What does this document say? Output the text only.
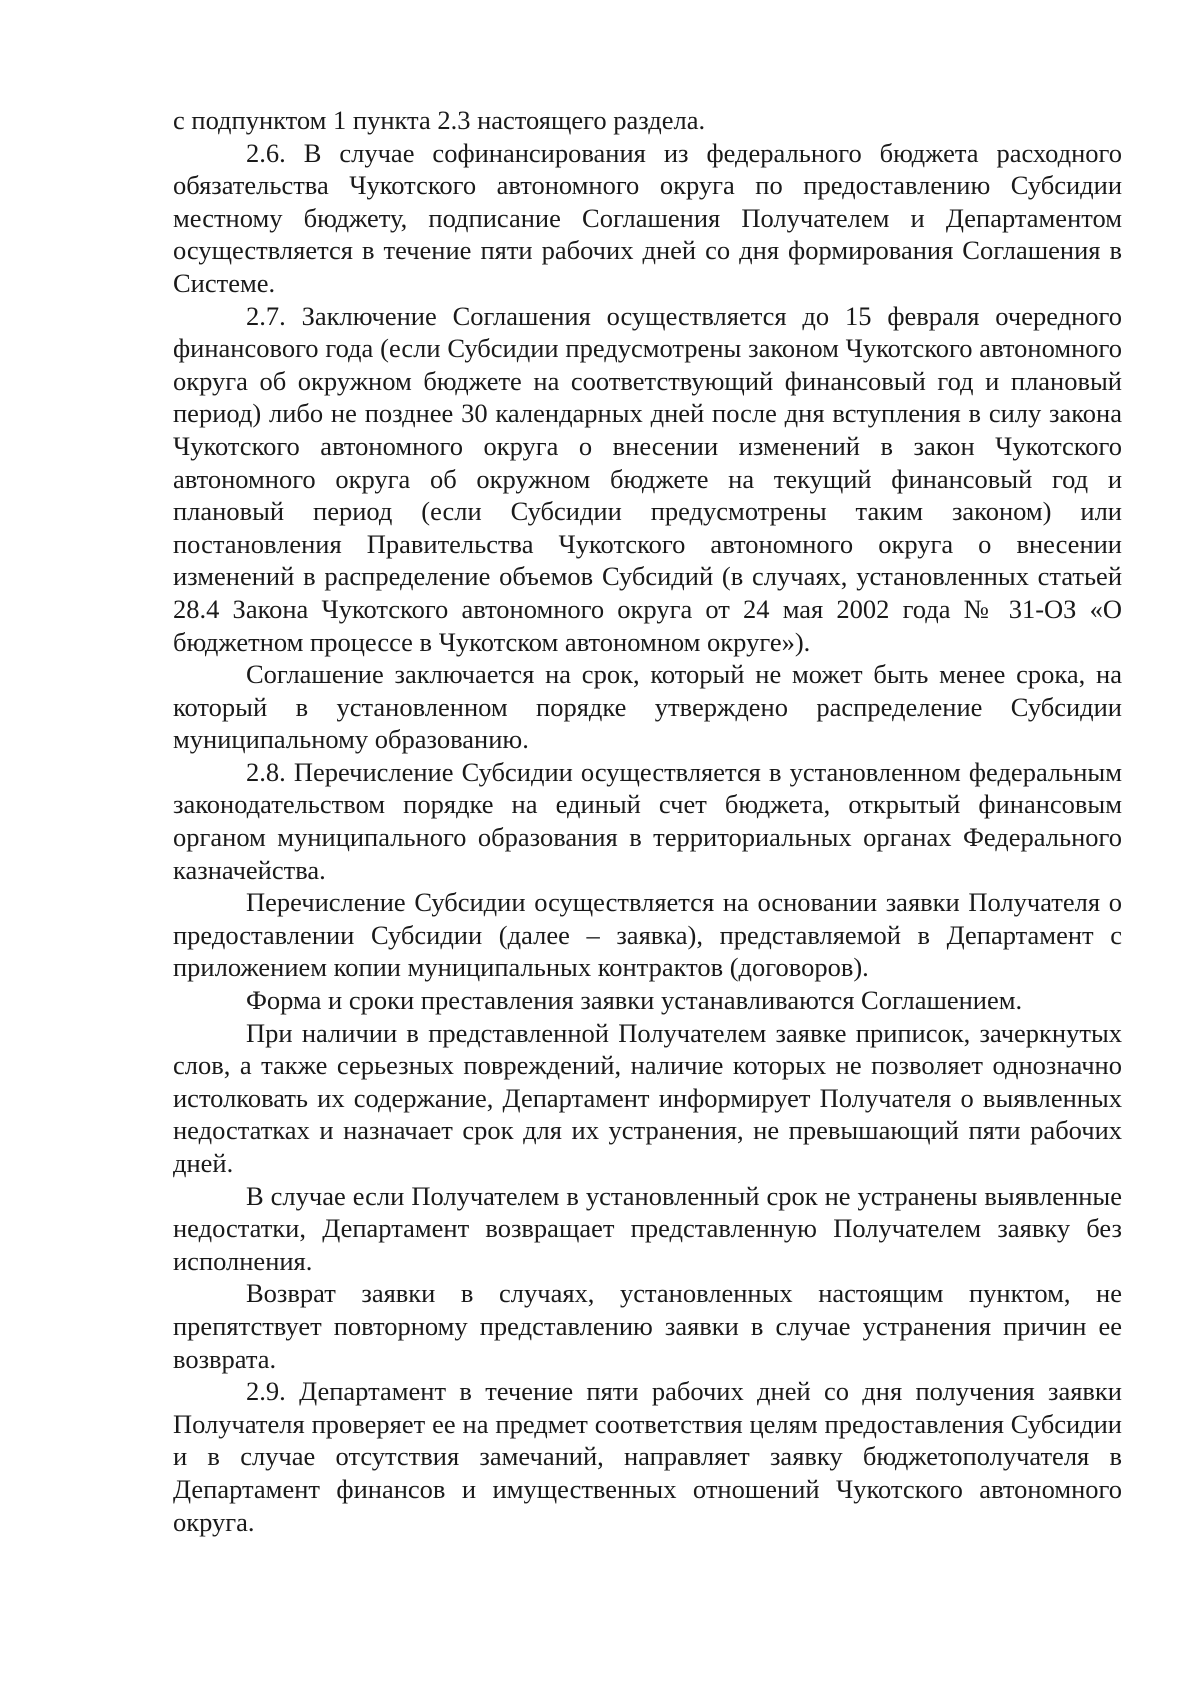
с подпунктом 1 пункта 2.3 настоящего раздела.

2.6. В случае софинансирования из федерального бюджета расходного обязательства Чукотского автономного округа по предоставлению Субсидии местному бюджету, подписание Соглашения Получателем и Департаментом осуществляется в течение пяти рабочих дней со дня формирования Соглашения в Системе.

2.7. Заключение Соглашения осуществляется до 15 февраля очередного финансового года (если Субсидии предусмотрены законом Чукотского автономного округа об окружном бюджете на соответствующий финансовый год и плановый период) либо не позднее 30 календарных дней после дня вступления в силу закона Чукотского автономного округа о внесении изменений в закон Чукотского автономного округа об окружном бюджете на текущий финансовый год и плановый период (если Субсидии предусмотрены таким законом) или постановления Правительства Чукотского автономного округа о внесении изменений в распределение объемов Субсидий (в случаях, установленных статьей 28.4 Закона Чукотского автономного округа от 24 мая 2002 года № 31-ОЗ «О бюджетном процессе в Чукотском автономном округе»).

Соглашение заключается на срок, который не может быть менее срока, на который в установленном порядке утверждено распределение Субсидии муниципальному образованию.

2.8. Перечисление Субсидии осуществляется в установленном федеральным законодательством порядке на единый счет бюджета, открытый финансовым органом муниципального образования в территориальных органах Федерального казначейства.

Перечисление Субсидии осуществляется на основании заявки Получателя о предоставлении Субсидии (далее – заявка), представляемой в Департамент с приложением копии муниципальных контрактов (договоров).

Форма и сроки преставления заявки устанавливаются Соглашением.

При наличии в представленной Получателем заявке приписок, зачеркнутых слов, а также серьезных повреждений, наличие которых не позволяет однозначно истолковать их содержание, Департамент информирует Получателя о выявленных недостатках и назначает срок для их устранения, не превышающий пяти рабочих дней.

В случае если Получателем в установленный срок не устранены выявленные недостатки, Департамент возвращает представленную Получателем заявку без исполнения.

Возврат заявки в случаях, установленных настоящим пунктом, не препятствует повторному представлению заявки в случае устранения причин ее возврата.

2.9. Департамент в течение пяти рабочих дней со дня получения заявки Получателя проверяет ее на предмет соответствия целям предоставления Субсидии и в случае отсутствия замечаний, направляет заявку бюджетополучателя в Департамент финансов и имущественных отношений Чукотского автономного округа.
